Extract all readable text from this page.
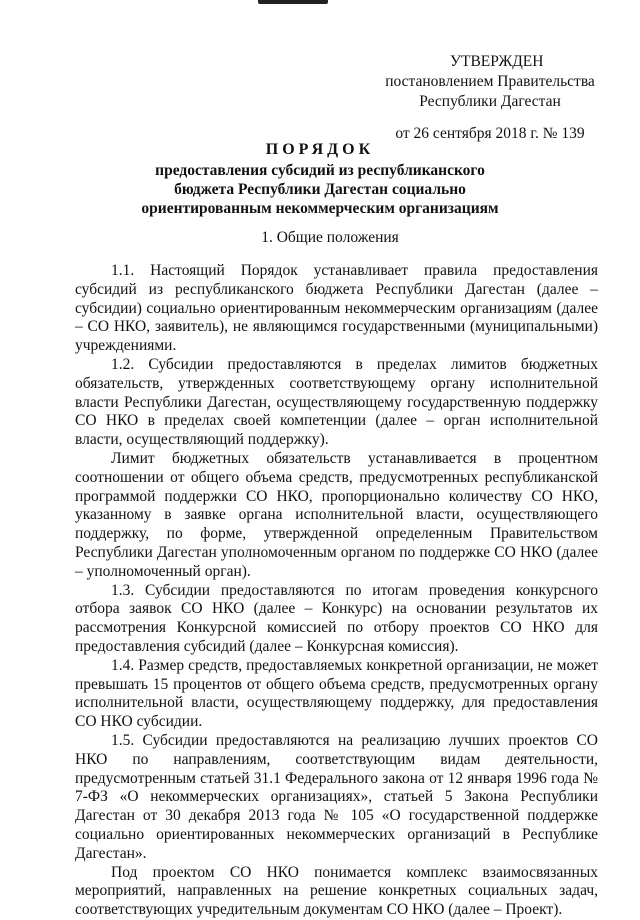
УТВЕРЖДЕН
постановлением Правительства
Республики Дагестан
от 26 сентября 2018 г. № 139
ПОРЯДОК
предоставления субсидий из республиканского
бюджета Республики Дагестан социально
ориентированным некоммерческим организациям
1. Общие положения

1.1. Настоящий Порядок устанавливает правила предоставления субсидий из республиканского бюджета Республики Дагестан (далее – субсидии) социально ориентированным некоммерческим организациям (далее – СО НКО, заявитель), не являющимся государственными (муниципальными) учреждениями.

1.2. Субсидии предоставляются в пределах лимитов бюджетных обязательств, утвержденных соответствующему органу исполнительной власти Республики Дагестан, осуществляющему государственную поддержку СО НКО в пределах своей компетенции (далее – орган исполнительной власти, осуществляющий поддержку).

Лимит бюджетных обязательств устанавливается в процентном соотношении от общего объема средств, предусмотренных республиканской программой поддержки СО НКО, пропорционально количеству СО НКО, указанному в заявке органа исполнительной власти, осуществляющего поддержку, по форме, утвержденной определенным Правительством Республики Дагестан уполномоченным органом по поддержке СО НКО (далее – уполномоченный орган).

1.3. Субсидии предоставляются по итогам проведения конкурсного отбора заявок СО НКО (далее – Конкурс) на основании результатов их рассмотрения Конкурсной комиссией по отбору проектов СО НКО для предоставления субсидий (далее – Конкурсная комиссия).

1.4. Размер средств, предоставляемых конкретной организации, не может превышать 15 процентов от общего объема средств, предусмотренных органу исполнительной власти, осуществляющему поддержку, для предоставления СО НКО субсидии.

1.5. Субсидии предоставляются на реализацию лучших проектов СО НКО по направлениям, соответствующим видам деятельности, предусмотренным статьей 31.1 Федерального закона от 12 января 1996 года № 7-ФЗ «О некоммерческих организациях», статьей 5 Закона Республики Дагестан от 30 декабря 2013 года № 105 «О государственной поддержке социально ориентированных некоммерческих организаций в Республике Дагестан».

Под проектом СО НКО понимается комплекс взаимосвязанных мероприятий, направленных на решение конкретных социальных задач, соответствующих учредительным документам СО НКО (далее – Проект).
